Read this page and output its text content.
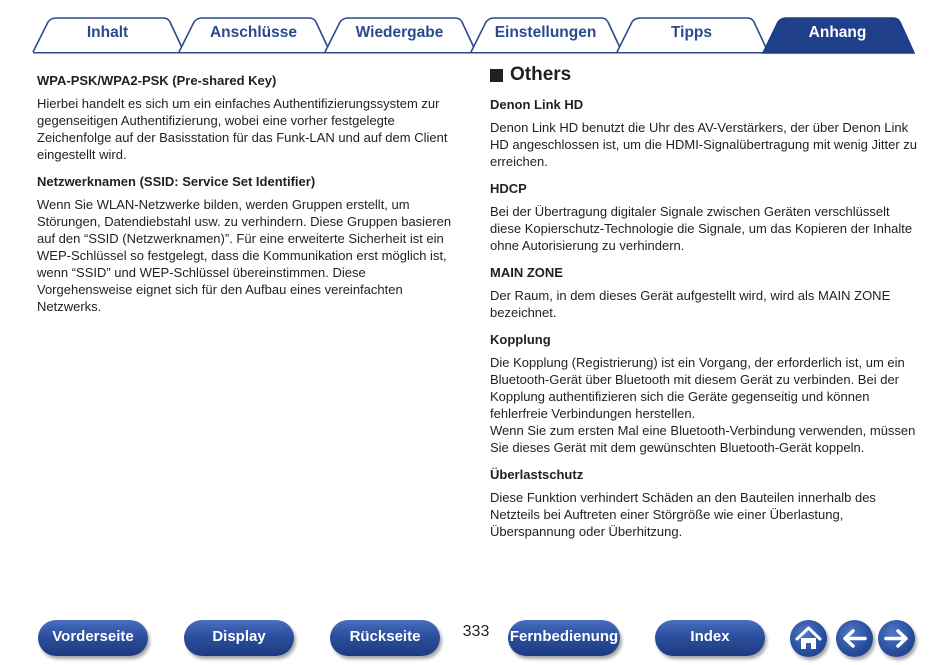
Inhalt	Anschlüsse	Wiedergabe	Einstellungen	Tipps	Anhang
WPA-PSK/WPA2-PSK (Pre-shared Key)

Hierbei handelt es sich um ein einfaches Authentifizierungssystem zur gegenseitigen Authentifizierung, wobei eine vorher festgelegte Zeichenfolge auf der Basisstation für das Funk-LAN und auf dem Client eingestellt wird.

Netzwerknamen (SSID: Service Set Identifier)

Wenn Sie WLAN-Netzwerke bilden, werden Gruppen erstellt, um Störungen, Datendiebstahl usw. zu verhindern. Diese Gruppen basieren auf den “SSID (Netzwerknamen)”. Für eine erweiterte Sicherheit ist ein WEP-Schlüssel so festgelegt, dass die Kommunikation erst möglich ist, wenn “SSID” und WEP-Schlüssel übereinstimmen. Diese Vorgehensweise eignet sich für den Aufbau eines vereinfachten Netzwerks.

Others
Denon Link HD

Denon Link HD benutzt die Uhr des AV-Verstärkers, der über Denon Link HD angeschlossen ist, um die HDMI-Signalübertragung mit wenig Jitter zu erreichen.

HDCP

Bei der Übertragung digitaler Signale zwischen Geräten verschlüsselt diese Kopierschutz-Technologie die Signale, um das Kopieren der Inhalte ohne Autorisierung zu verhindern.

MAIN ZONE

Der Raum, in dem dieses Gerät aufgestellt wird, wird als MAIN ZONE bezeichnet.

Kopplung

Die Kopplung (Registrierung) ist ein Vorgang, der erforderlich ist, um ein Bluetooth-Gerät über Bluetooth mit diesem Gerät zu verbinden. Bei der Kopplung authentifizieren sich die Geräte gegenseitig und können fehlerfreie Verbindungen herstellen.

Wenn Sie zum ersten Mal eine Bluetooth-Verbindung verwenden, müssen Sie dieses Gerät mit dem gewünschten Bluetooth-Gerät koppeln.

Überlastschutz

Diese Funktion verhindert Schäden an den Bauteilen innerhalb des Netzteils bei Auftreten einer Störgröße wie einer Überlastung, Überspannung oder Überhitzung.

Vorderseite	Display	Rückseite	333	Fernbedienung	Index
